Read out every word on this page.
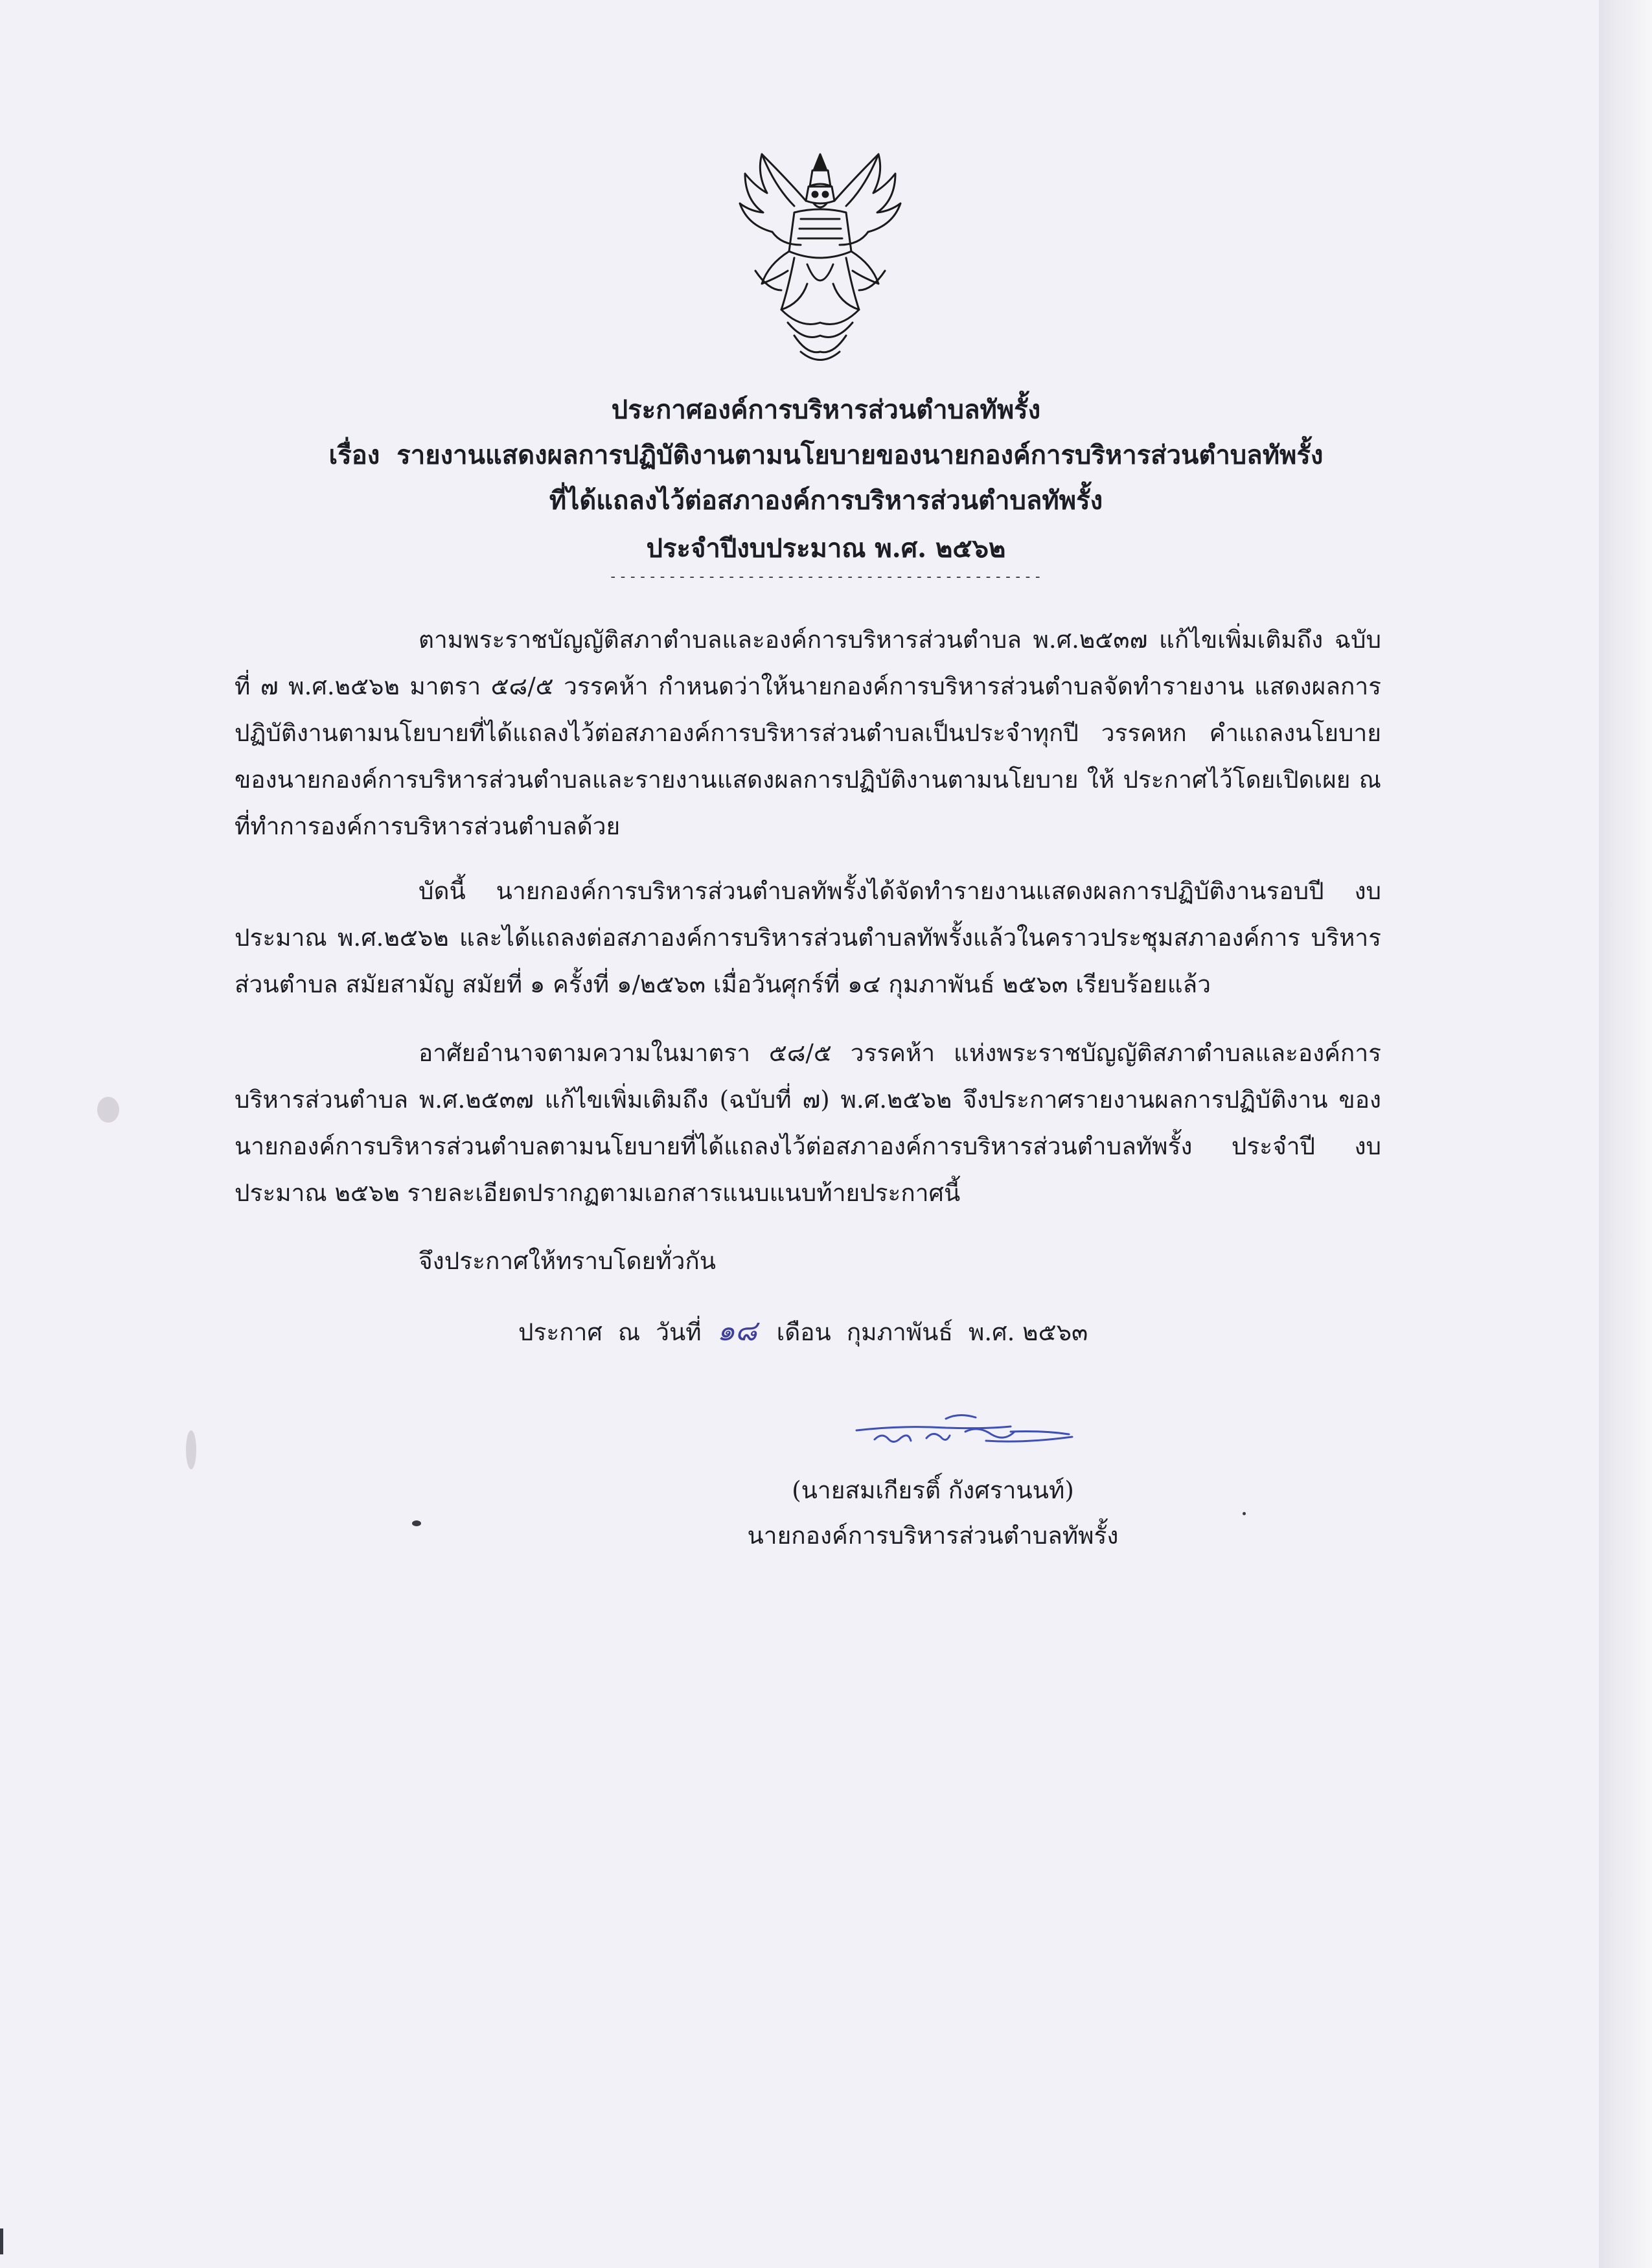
ประกาศองค์การบริหารส่วนตำบลทัพรั้ง
เรื่อง รายงานแสดงผลการปฏิบัติงานตามนโยบายของนายกองค์การบริหารส่วนตำบลทัพรั้ง
ที่ได้แถลงไว้ต่อสภาองค์การบริหารส่วนตำบลทัพรั้ง
ประจำปีงบประมาณ พ.ศ. ๒๕๖๒
--------------------------------------------

ตามพระราชบัญญัติสภาตำบลและองค์การบริหารส่วนตำบล พ.ศ.๒๕๓๗ แก้ไขเพิ่มเติมถึง ฉบับที่ ๗ พ.ศ.๒๕๖๒ มาตรา ๕๘/๕ วรรคห้า กำหนดว่าให้นายกองค์การบริหารส่วนตำบลจัดทำรายงาน แสดงผลการปฏิบัติงานตามนโยบายที่ได้แถลงไว้ต่อสภาองค์การบริหารส่วนตำบลเป็นประจำทุกปี วรรคหก คำแถลงนโยบายของนายกองค์การบริหารส่วนตำบลและรายงานแสดงผลการปฏิบัติงานตามนโยบาย ให้ ประกาศไว้โดยเปิดเผย ณ ที่ทำการองค์การบริหารส่วนตำบลด้วย

บัดนี้ นายกองค์การบริหารส่วนตำบลทัพรั้งได้จัดทำรายงานแสดงผลการปฏิบัติงานรอบปี งบประมาณ พ.ศ.๒๕๖๒ และได้แถลงต่อสภาองค์การบริหารส่วนตำบลทัพรั้งแล้วในคราวประชุมสภาองค์การ บริหารส่วนตำบล สมัยสามัญ สมัยที่ ๑ ครั้งที่ ๑/๒๕๖๓ เมื่อวันศุกร์ที่ ๑๔ กุมภาพันธ์ ๒๕๖๓ เรียบร้อยแล้ว

อาศัยอำนาจตามความในมาตรา ๕๘/๕ วรรคห้า แห่งพระราชบัญญัติสภาตำบลและองค์การ บริหารส่วนตำบล พ.ศ.๒๕๓๗ แก้ไขเพิ่มเติมถึง (ฉบับที่ ๗) พ.ศ.๒๕๖๒ จึงประกาศรายงานผลการปฏิบัติงาน ของนายกองค์การบริหารส่วนตำบลตามนโยบายที่ได้แถลงไว้ต่อสภาองค์การบริหารส่วนตำบลทัพรั้ง ประจำปี งบประมาณ ๒๕๖๒ รายละเอียดปรากฏตามเอกสารแนบแนบท้ายประกาศนี้

จึงประกาศให้ทราบโดยทั่วกัน

ประกาศ ณ วันที่ ๑๘ เดือน กุมภาพันธ์ พ.ศ. ๒๕๖๓
(นายสมเกียรติ์ กังศรานนท์)
นายกองค์การบริหารส่วนตำบลทัพรั้ง
